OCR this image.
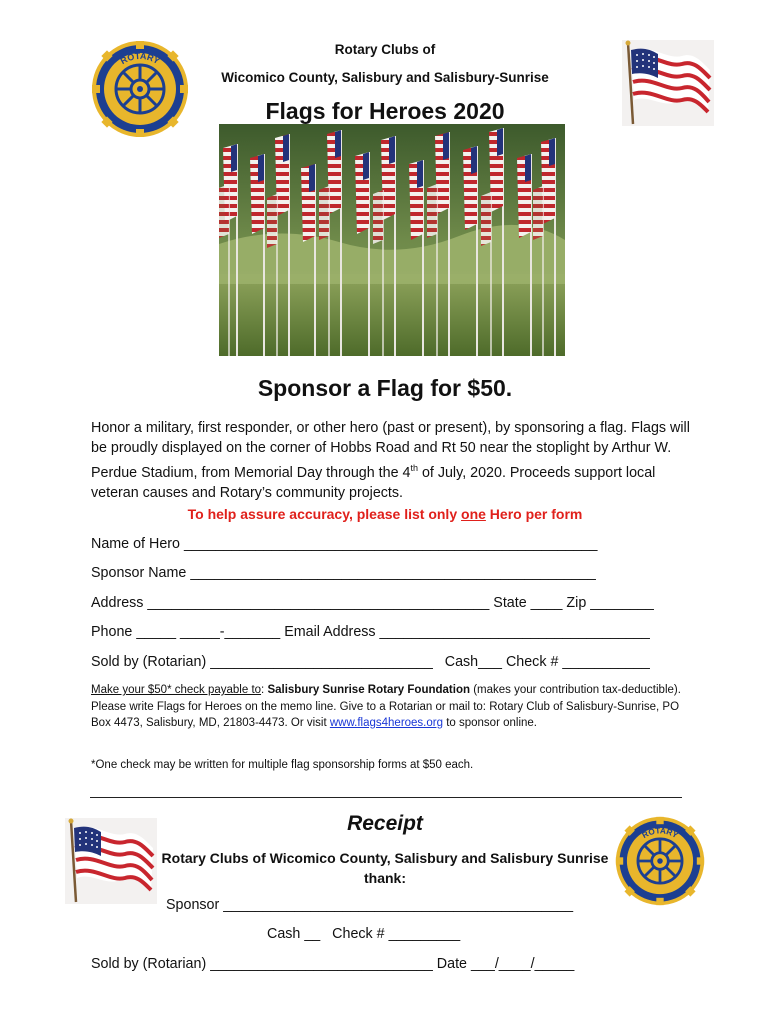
ROTARY
Rotary Clubs of
Wicomico County, Salisbury and Salisbury-Sunrise
Flags for Heroes 2020
Sponsor a Flag for $50.
Honor a military, first responder, or other hero (past or present), by sponsoring a flag. Flags will be proudly displayed on the corner of Hobbs Road and Rt 50 near the stoplight by Arthur W. Perdue Stadium, from Memorial Day through the 4th of July, 2020. Proceeds support local veteran causes and Rotary’s community projects.
To help assure accuracy, please list only one Hero per form
Name of Hero ____________________________________________________
Sponsor Name ___________________________________________________
Address ___________________________________________ State ____ Zip ________
Phone _____ _____-_______ Email Address __________________________________
Sold by (Rotarian) ____________________________   Cash___ Check # ___________
Make your $50* check payable to: Salisbury Sunrise Rotary Foundation (makes your contribution tax-deductible). Please write Flags for Heroes on the memo line. Give to a Rotarian or mail to: Rotary Club of Salisbury-Sunrise, PO Box 4473, Salisbury, MD, 21803-4473. Or visit www.flags4heroes.org to sponsor online.
*One check may be written for multiple flag sponsorship forms at $50 each.
ROTARY
Receipt
Rotary Clubs of Wicomico County, Salisbury and Salisbury Sunrise thank:
Sponsor ____________________________________________
Cash __   Check # _________
Sold by (Rotarian) ____________________________ Date ___/____/_____
